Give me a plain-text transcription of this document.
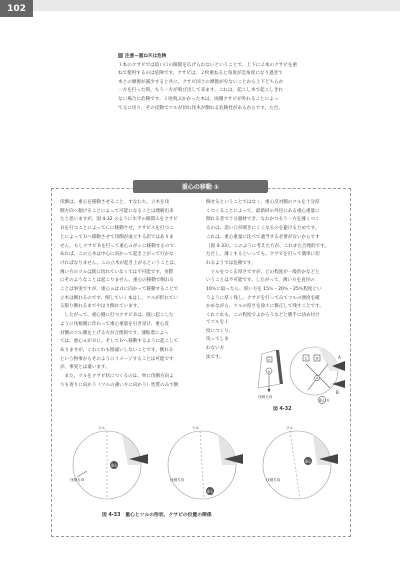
102

注意—重ね矢は危険

１本のクサビでは追い口の隙間を広げられないということで、上下に２本のクサビを重

ねて使用するのは危険です。クサビは、２枚重ねると角度が急角度になり過ぎて

木との摩擦が減少すると共に、クサビ同士の摩擦が少ないことから上下どちらか

一方を打った時、もう一方が飛び出して来ます。これは、起こし木で起こしきれ

ない場合に危険です。１度飛ぶかかった木は、両側クサビが外れることによっ

て元に戻り、その反動でツルが切れ伐木が倒れる危険性があるからです。ただ、

重心の移動 ①

伐倒は、重心を移動させること、すなわち、立木を伐

倒方向へ傾けることによって可能になることは理解出来

たと思いますが、図 4-32 のように水平の隙間Ａをクサビ

Ｂを打つことによってＣに移動させ、クサビＡを打つこ

とによってＤへ移動させて伐倒が成立する訳ではありま

せん。もしクサビＢを打って重心ａがｃに移動するので

あれば、この立木は中心に向かって起き上がって行かな

ければなりません。この立木が起き上がるということは、

薄い方のツルは既に切れていなくては不可能です。実際

にそのようなことは起こりません。重心の移動で倒れる

ことは事実ですが、重心ａはｄに向かって移動することで

立木は倒れるのです。倒していく本はし、ツルが折れてい

る限り倒れるまでやはり倒れています。

　したがって、重心側に打つクサビＢは、既に起こした

ように伐根側に作わって重心重量を引き受け、重心反

対側のツル側を上げる方が合理的です。薄粘着によっ

ては、重心ａがｄに、そしてｂへ移動するように起こして

ありますが、くれぐれも勘違いしないことです。倒れる

という物事からそのようにイメージすることは可能です

が、事実とは違います。

　また、ツルをクサビ状につくるのは、単に伐倒方向よ

りも寄りに向かう（ツルの薄い方に向かう）性質のみで倒

倒せるということではなく、重心反対側のツルを十分厚

くつくることによって、最新回の外径にある重心重量に

倒れる者で十分器材でき、なおかつもう一方を薄くつく

るのは、追い口が開きにくくなるのを避けるためです。

これは、重心重量に比べて適当する必要がないからです

（図 4-33）。このように考えた方が、これまた合理的です。

ただし、薄くするといっても、クサビを打って簡単に切

れるようでは危険です。

　ツルをつくる厚さですが、どの程度が一般的かなどと

いうことは不可能です。したがって、薄い方を直径の

10％に取ったら、厚い方を 15％・20％・25％程度とい

うように厚く残し、クサビを打ってみてツルの強度を確

かめながら、ツルの厚さを徐々に修正して残すことです。

くれぐれも、この程度でよかろうなどと勝手に決め付け

てツルを１

度につくり、

伐ってしま

わない方

法です。

c
a
伐倒方向
C D
d
A
B
重心 b
図 4-32
ツル
重心
伐倒方向
ツル
重心
伐倒方向
ツル
重心
伐倒方向
図 4-33　重心とツルの形状、クサビの位置の関係
